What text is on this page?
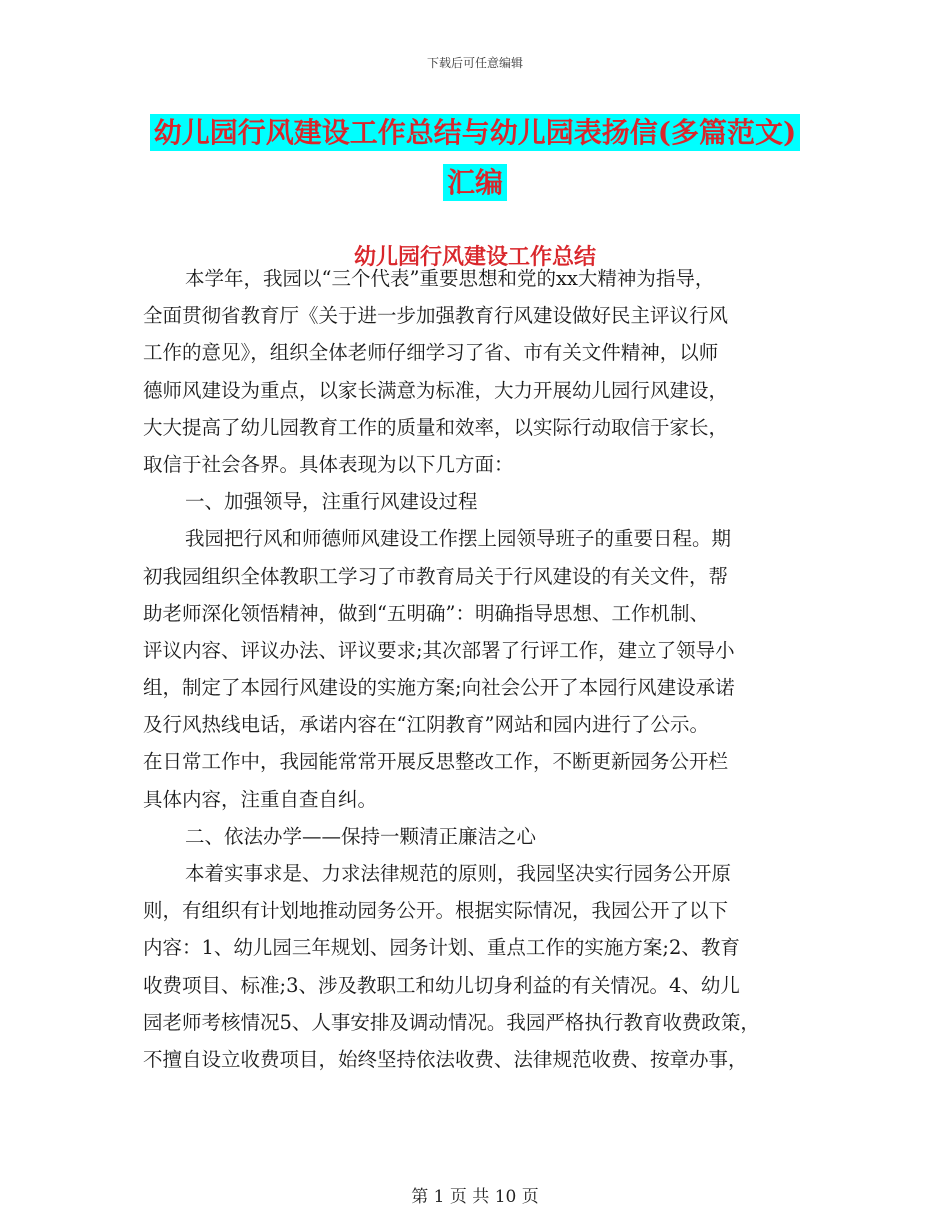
下载后可任意编辑
幼儿园行风建设工作总结与幼儿园表扬信(多篇范文)
汇编
幼儿园行风建设工作总结
本学年，我园以“三个代表”重要思想和党的xx大精神为指导，
全面贯彻省教育厅《关于进一步加强教育行风建设做好民主评议行风
工作的意见》，组织全体老师仔细学习了省、市有关文件精神，以师
德师风建设为重点，以家长满意为标准，大力开展幼儿园行风建设，
大大提高了幼儿园教育工作的质量和效率，以实际行动取信于家长，
取信于社会各界。具体表现为以下几方面：
一、加强领导，注重行风建设过程
我园把行风和师德师风建设工作摆上园领导班子的重要日程。期
初我园组织全体教职工学习了市教育局关于行风建设的有关文件，帮
助老师深化领悟精神，做到“五明确”：明确指导思想、工作机制、
评议内容、评议办法、评议要求;其次部署了行评工作，建立了领导小
组，制定了本园行风建设的实施方案;向社会公开了本园行风建设承诺
及行风热线电话，承诺内容在“江阴教育”网站和园内进行了公示。
在日常工作中，我园能常常开展反思整改工作，不断更新园务公开栏
具体内容，注重自查自纠。
二、依法办学——保持一颗清正廉洁之心
本着实事求是、力求法律规范的原则，我园坚决实行园务公开原
则，有组织有计划地推动园务公开。根据实际情况，我园公开了以下
内容：1、幼儿园三年规划、园务计划、重点工作的实施方案;2、教育
收费项目、标准;3、涉及教职工和幼儿切身利益的有关情况。4、幼儿
园老师考核情况5、人事安排及调动情况。我园严格执行教育收费政策，
不擅自设立收费项目，始终坚持依法收费、法律规范收费、按章办事，
第 1 页 共 10 页
